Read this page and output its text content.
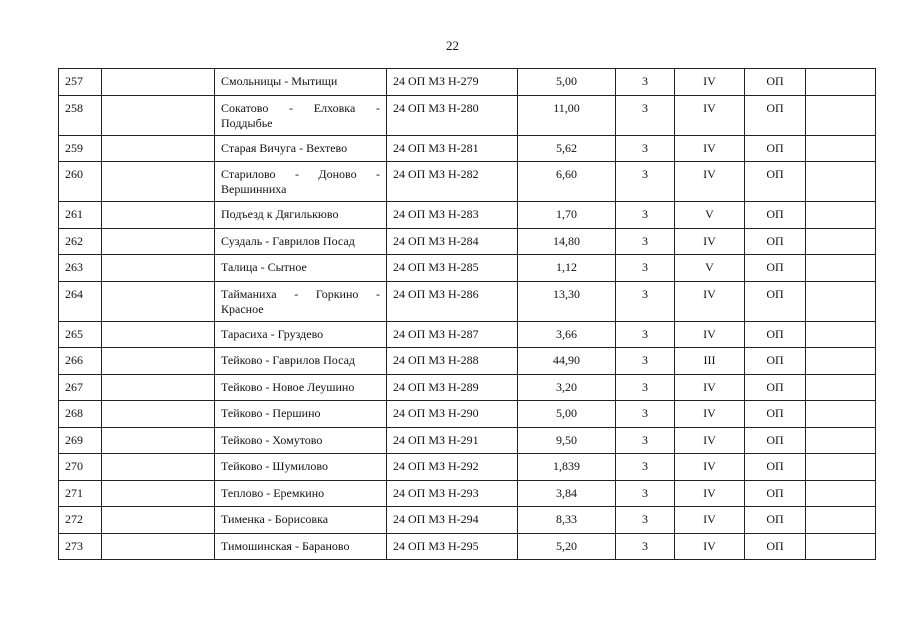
22
257		Смольницы - Мытищи	24 ОП МЗ Н-279	5,00	3	IV	ОП	
258		Сокатово - Елховка - Поддыбье	24 ОП МЗ Н-280	11,00	3	IV	ОП	
259		Старая Вичуга - Вехтево	24 ОП МЗ Н-281	5,62	3	IV	ОП	
260		Старилово - Доново - Вершинниха	24 ОП МЗ Н-282	6,60	3	IV	ОП	
261		Подъезд к Дягилькюво	24 ОП МЗ Н-283	1,70	3	V	ОП	
262		Суздаль - Гаврилов Посад	24 ОП МЗ Н-284	14,80	3	IV	ОП	
263		Талица - Сытное	24 ОП МЗ Н-285	1,12	3	V	ОП	
264		Тайманиха - Горкино - Красное	24 ОП МЗ Н-286	13,30	3	IV	ОП	
265		Тарасиха - Груздево	24 ОП МЗ Н-287	3,66	3	IV	ОП	
266		Тейково - Гаврилов Посад	24 ОП МЗ Н-288	44,90	3	III	ОП	
267		Тейково - Новое Леушино	24 ОП МЗ Н-289	3,20	3	IV	ОП	
268		Тейково - Першино	24 ОП МЗ Н-290	5,00	3	IV	ОП	
269		Тейково - Хомутово	24 ОП МЗ Н-291	9,50	3	IV	ОП	
270		Тейково - Шумилово	24 ОП МЗ Н-292	1,839	3	IV	ОП	
271		Теплово - Еремкино	24 ОП МЗ Н-293	3,84	3	IV	ОП	
272		Тименка - Борисовка	24 ОП МЗ Н-294	8,33	3	IV	ОП	
273		Тимошинская - Бараново	24 ОП МЗ Н-295	5,20	3	IV	ОП	
